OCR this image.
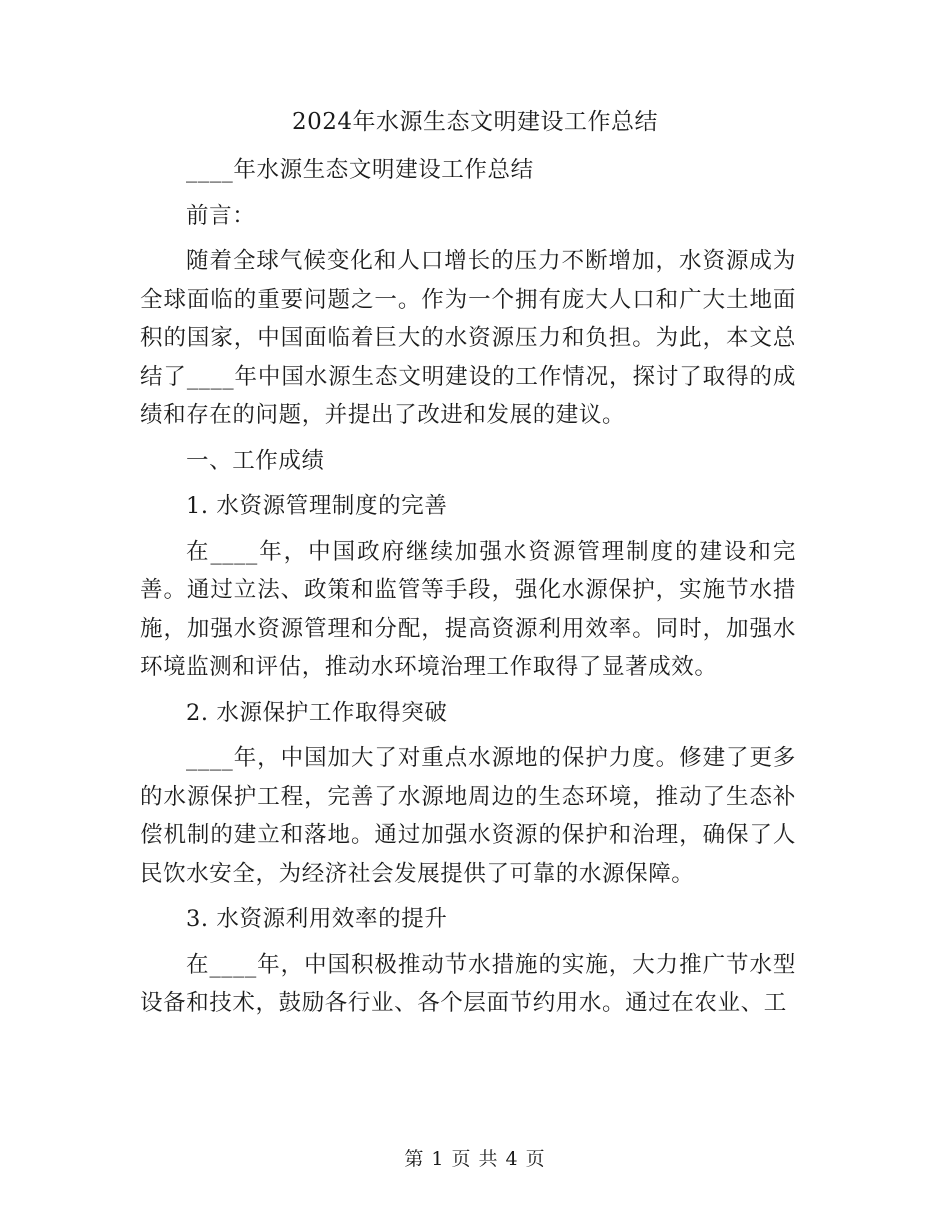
2024年水源生态文明建设工作总结

____年水源生态文明建设工作总结

前言：

随着全球气候变化和人口增长的压力不断增加，水资源成为全球面临的重要问题之一。作为一个拥有庞大人口和广大土地面积的国家，中国面临着巨大的水资源压力和负担。为此，本文总结了____年中国水源生态文明建设的工作情况，探讨了取得的成绩和存在的问题，并提出了改进和发展的建议。

一、工作成绩

1. 水资源管理制度的完善

在____年，中国政府继续加强水资源管理制度的建设和完善。通过立法、政策和监管等手段，强化水源保护，实施节水措施，加强水资源管理和分配，提高资源利用效率。同时，加强水环境监测和评估，推动水环境治理工作取得了显著成效。

2. 水源保护工作取得突破

____年，中国加大了对重点水源地的保护力度。修建了更多的水源保护工程，完善了水源地周边的生态环境，推动了生态补偿机制的建立和落地。通过加强水资源的保护和治理，确保了人民饮水安全，为经济社会发展提供了可靠的水源保障。

3. 水资源利用效率的提升

在____年，中国积极推动节水措施的实施，大力推广节水型设备和技术，鼓励各行业、各个层面节约用水。通过在农业、工

第 1 页 共 4 页
